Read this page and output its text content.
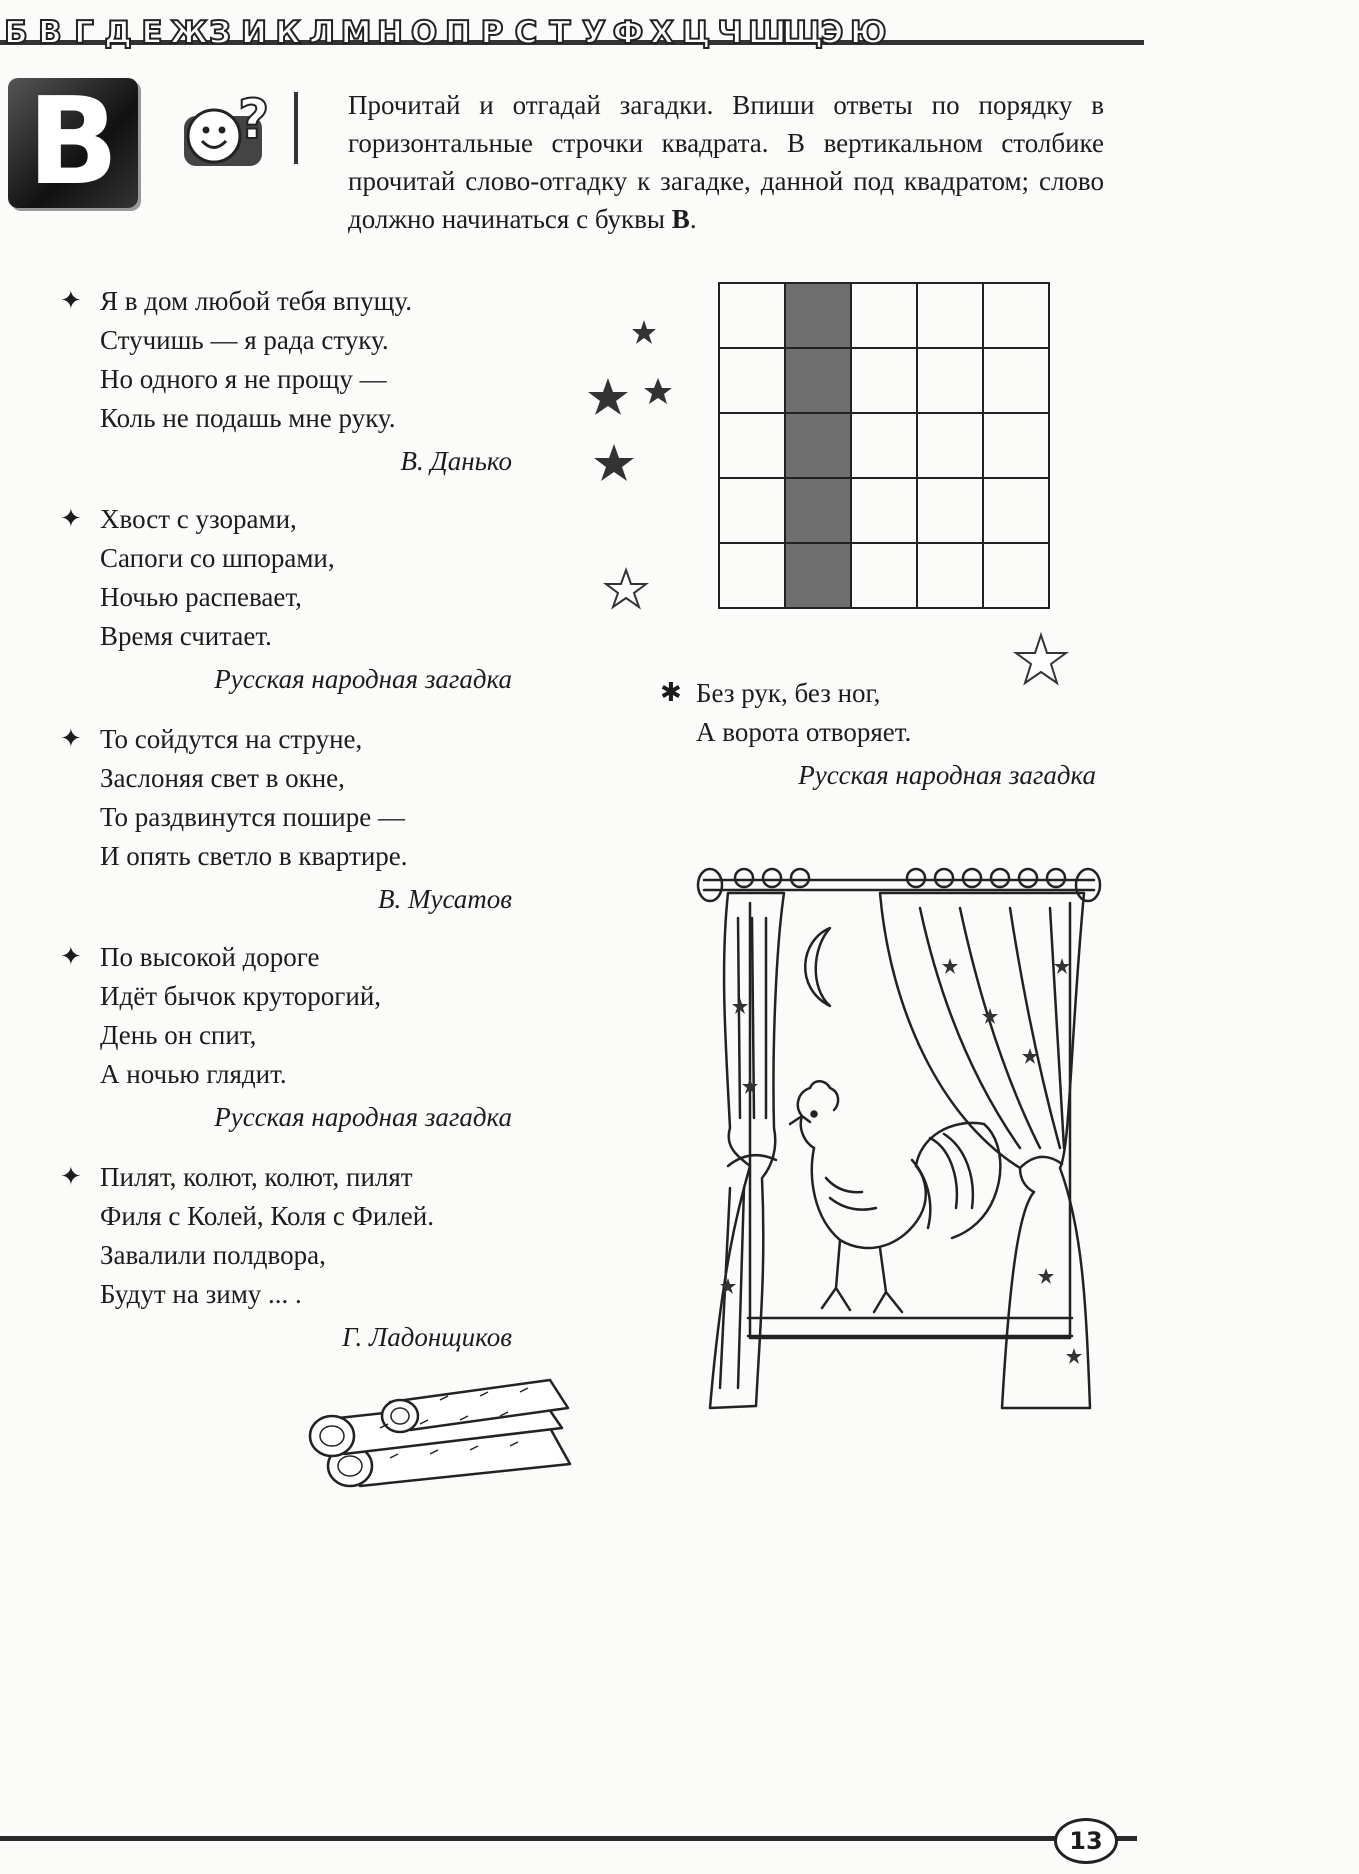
Б В Г Д Е Ж З И К Л М Н О П Р С Т У Ф Х Ц Ч Ш
Щ
Э Ю
В	?	Прочитай и отгадай загадки. Впиши ответы по порядку в горизонтальные строчки квадрата. В вертикальном столбике прочитай слово-отгадку к загадке, данной под квадратом; слово должно начинаться с буквы В.

✦ Я в дом любой тебя впущу.
Стучишь — я рада стуку.
Но одного я не прощу —
Коль не подашь мне руку.
В. Данько
✦ Хвост с узорами,
Сапоги со шпорами,
Ночью распевает,
Время считает.
Русская народная загадка
✦ То сойдутся на струне,
Заслоняя свет в окне,
То раздвинутся пошире —
И опять светло в квартире.
В. Мусатов
✦ По высокой дороге
Идёт бычок круторогий,
День он спит,
А ночью глядит.
Русская народная загадка
✦ Пилят, колют, колют, пилят
Филя с Колей, Коля с Филей.
Завалили полдвора,
Будут на зиму ... .
Г. Ладонщиков

✱ Без рук, без ног,
А ворота отворяет.
Русская народная загадка
13
